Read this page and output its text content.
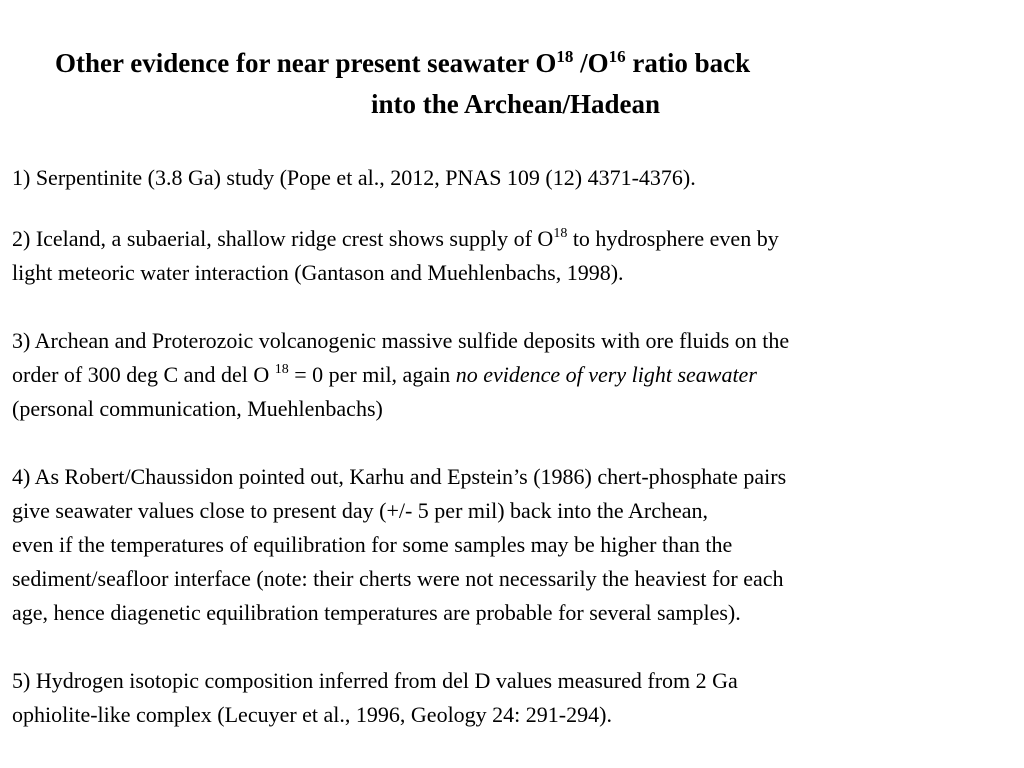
Other evidence for near present seawater $O^{18}$ $/O^{16}$ ratio back
into the Archean/Hadean
1) Serpentinite (3.8 Ga) study (Pope et al., 2012, PNAS 109 (12) 4371-4376).
2) Iceland, a subaerial, shallow ridge crest shows supply of $O^{18}$ to hydrosphere even by
light meteoric water interaction (Gantason and Muehlenbachs, 1998).
3) Archean and Proterozoic volcanogenic massive sulfide deposits with ore fluids on the
order of 300 deg C and del O $^{18}$ = 0 per mil, again no evidence of very light seawater
(personal communication, Muehlenbachs)
4) As Robert/Chaussidon pointed out, Karhu and Epstein’s (1986) chert-phosphate pairs
give seawater values close to present day (+/- 5 per mil) back into the Archean,
even if the temperatures of equilibration for some samples may be higher than the
sediment/seafloor interface (note: their cherts were not necessarily the heaviest for each
age, hence diagenetic equilibration temperatures are probable for several samples).
5) Hydrogen isotopic composition inferred from del D values measured from 2 Ga
ophiolite-like complex (Lecuyer et al., 1996, Geology 24: 291-294).
